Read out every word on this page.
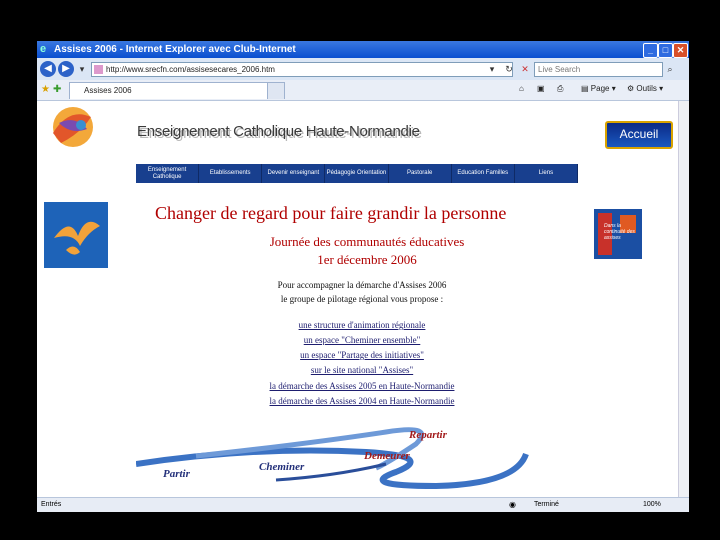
e Assises 2006 - Internet Explorer avec Club-Internet	_	□ ✕
◀	▶	▾	http://www.srecfn.com/assisesecares_2006.htm	▾	↻ ✕	Live Search	⌕
★ ✚	Assises 2006	⌂ ▣ ⎙ ▤ Page ▾ ⚙ Outils ▾
Enseignement Catholique Haute-Normandie	Accueil
Enseignement Catholique
Etablissements	Devenir enseignant	Pédagogie Orientation	Pastorale	Education Familles	Liens
Changer de regard pour faire grandir la personne
Journée des communautés éducatives
1er décembre 2006
Dans la continuité des assises
Pour accompagner la démarche d'Assises 2006
le groupe de pilotage régional vous propose :
une structure d'animation régionale
un espace "Cheminer ensemble"
un espace "Partage des initiatives"
sur le site national "Assises"
la démarche des Assises 2005 en Haute-Normandie
la démarche des Assises 2004 en Haute-Normandie
Repartir
Demeurer
Cheminer
Partir
Entrés	◉	Terminé	100%
